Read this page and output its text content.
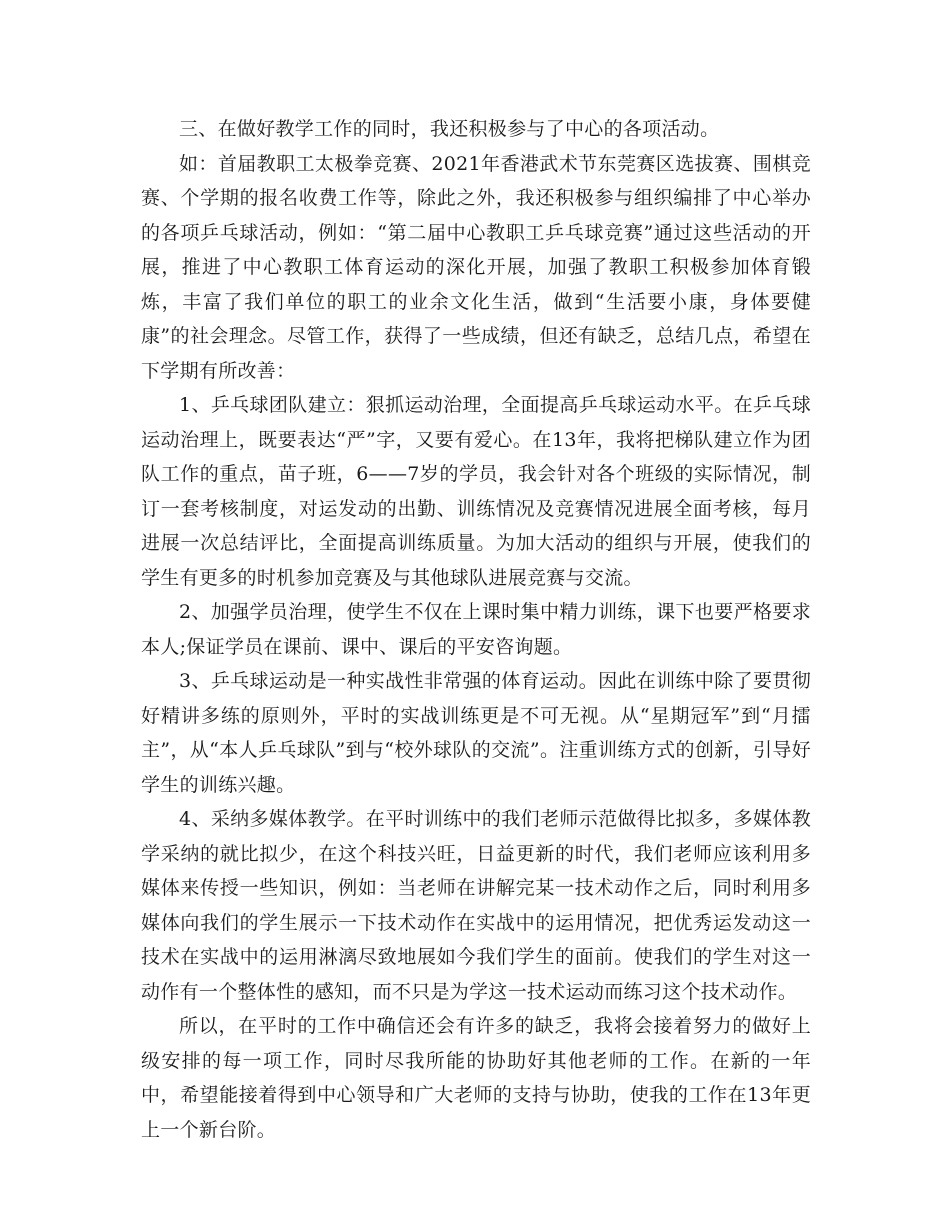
三、在做好教学工作的同时，我还积极参与了中心的各项活动。

如：首届教职工太极拳竞赛、2021年香港武术节东莞赛区选拔赛、围棋竞赛、个学期的报名收费工作等，除此之外，我还积极参与组织编排了中心举办的各项乒乓球活动，例如：“第二届中心教职工乒乓球竞赛”通过这些活动的开展，推进了中心教职工体育运动的深化开展，加强了教职工积极参加体育锻炼，丰富了我们单位的职工的业余文化生活，做到“生活要小康，身体要健康”的社会理念。尽管工作，获得了一些成绩，但还有缺乏，总结几点，希望在下学期有所改善：

1、乒乓球团队建立：狠抓运动治理，全面提高乒乓球运动水平。在乒乓球运动治理上，既要表达“严”字，又要有爱心。在13年，我将把梯队建立作为团队工作的重点，苗子班，6——7岁的学员，我会针对各个班级的实际情况，制订一套考核制度，对运发动的出勤、训练情况及竞赛情况进展全面考核，每月进展一次总结评比，全面提高训练质量。为加大活动的组织与开展，使我们的学生有更多的时机参加竞赛及与其他球队进展竞赛与交流。

2、加强学员治理，使学生不仅在上课时集中精力训练，课下也要严格要求本人;保证学员在课前、课中、课后的平安咨询题。

3、乒乓球运动是一种实战性非常强的体育运动。因此在训练中除了要贯彻好精讲多练的原则外，平时的实战训练更是不可无视。从“星期冠军”到“月擂主”，从“本人乒乓球队”到与“校外球队的交流”。注重训练方式的创新，引导好学生的训练兴趣。

4、采纳多媒体教学。在平时训练中的我们老师示范做得比拟多，多媒体教学采纳的就比拟少，在这个科技兴旺，日益更新的时代，我们老师应该利用多媒体来传授一些知识，例如：当老师在讲解完某一技术动作之后，同时利用多媒体向我们的学生展示一下技术动作在实战中的运用情况，把优秀运发动这一技术在实战中的运用淋漓尽致地展如今我们学生的面前。使我们的学生对这一动作有一个整体性的感知，而不只是为学这一技术运动而练习这个技术动作。

所以，在平时的工作中确信还会有许多的缺乏，我将会接着努力的做好上级安排的每一项工作，同时尽我所能的协助好其他老师的工作。在新的一年中，希望能接着得到中心领导和广大老师的支持与协助，使我的工作在13年更上一个新台阶。
